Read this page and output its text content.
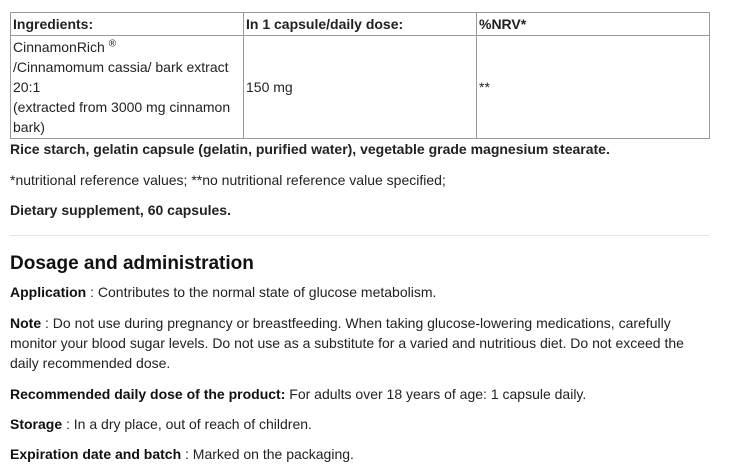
Ingredients:	In 1 capsule/daily dose:	%NRV*
CinnamonRich ®
/Cinnamomum cassia/ bark extract
20:1
(extracted from 3000 mg cinnamon
bark)	150 mg	**

Rice starch, gelatin capsule (gelatin, purified water), vegetable grade magnesium stearate.

*nutritional reference values; **no nutritional reference value specified;

Dietary supplement, 60 capsules.

Dosage and administration

Application : Contributes to the normal state of glucose metabolism.

Note : Do not use during pregnancy or breastfeeding. When taking glucose-lowering medications, carefully monitor your blood sugar levels. Do not use as a substitute for a varied and nutritious diet. Do not exceed the daily recommended dose.

Recommended daily dose of the product: For adults over 18 years of age: 1 capsule daily.

Storage : In a dry place, out of reach of children.

Expiration date and batch : Marked on the packaging.
